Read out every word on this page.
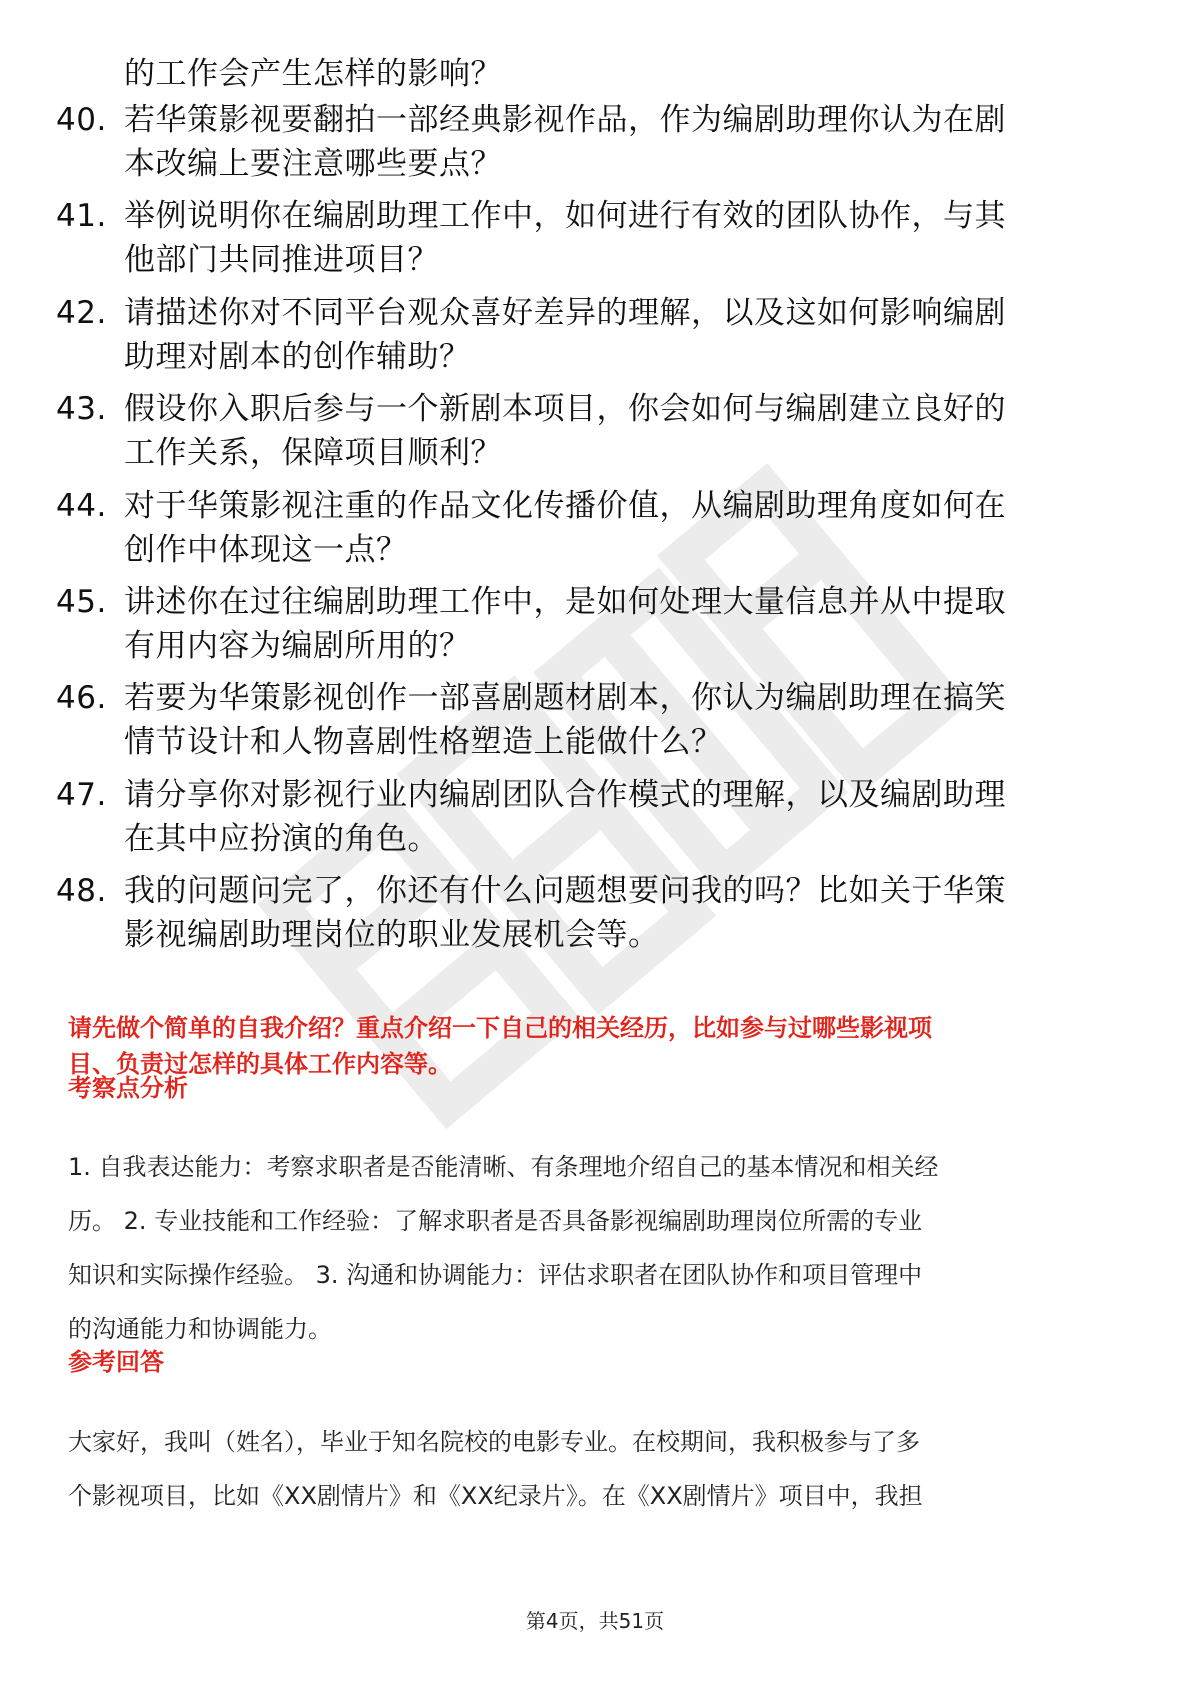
的工作会产生怎样的影响？
40. 若华策影视要翻拍一部经典影视作品，作为编剧助理你认为在剧
本改编上要注意哪些要点？
41. 举例说明你在编剧助理工作中，如何进行有效的团队协作，与其
他部门共同推进项目？
42. 请描述你对不同平台观众喜好差异的理解，以及这如何影响编剧
助理对剧本的创作辅助？
43. 假设你入职后参与一个新剧本项目，你会如何与编剧建立良好的
工作关系，保障项目顺利？
44. 对于华策影视注重的作品文化传播价值，从编剧助理角度如何在
创作中体现这一点？
45. 讲述你在过往编剧助理工作中，是如何处理大量信息并从中提取
有用内容为编剧所用的？
46. 若要为华策影视创作一部喜剧题材剧本，你认为编剧助理在搞笑
情节设计和人物喜剧性格塑造上能做什么？
47. 请分享你对影视行业内编剧团队合作模式的理解，以及编剧助理
在其中应扮演的角色。
48. 我的问题问完了，你还有什么问题想要问我的吗？比如关于华策
影视编剧助理岗位的职业发展机会等。
请先做个简单的自我介绍？重点介绍一下自己的相关经历，比如参与过哪些影视项
目、负责过怎样的具体工作内容等。
考察点分析
1. 自我表达能力：考察求职者是否能清晰、有条理地介绍自己的基本情况和相关经
历。 2. 专业技能和工作经验：了解求职者是否具备影视编剧助理岗位所需的专业
知识和实际操作经验。 3. 沟通和协调能力：评估求职者在团队协作和项目管理中
的沟通能力和协调能力。
参考回答
大家好，我叫（姓名），毕业于知名院校的电影专业。在校期间，我积极参与了多
个影视项目，比如《XX剧情片》和《XX纪录片》。在《XX剧情片》项目中，我担
第4页，共51页
